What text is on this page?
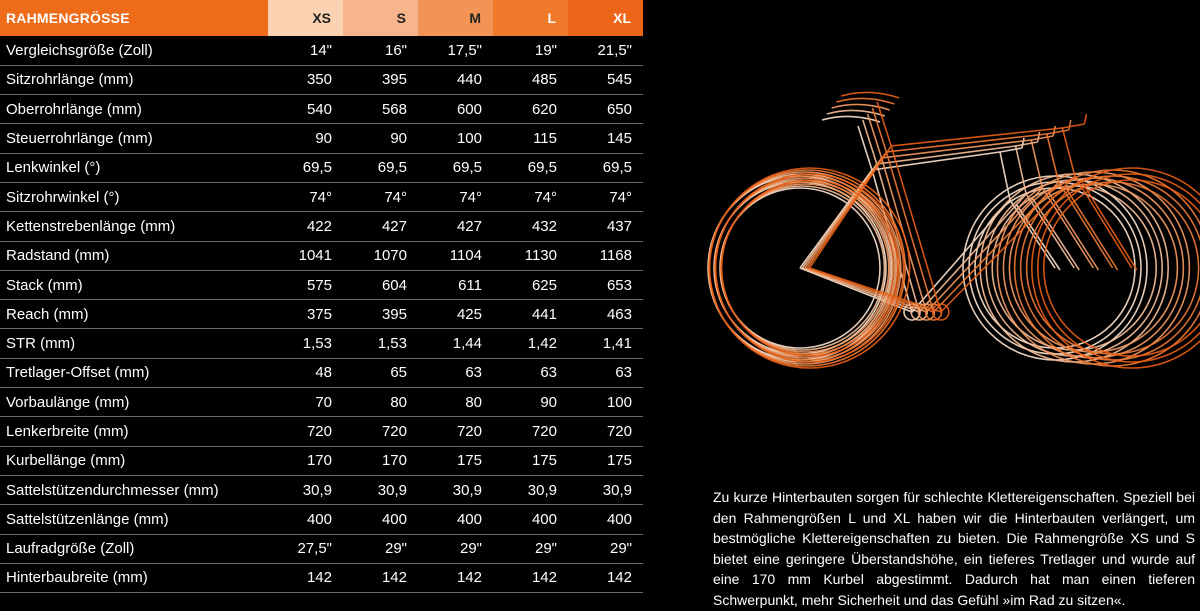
RAHMENGRÖSSE	XS	S	M	L	XL
Vergleichsgröße (Zoll)	14"	16"	17,5"	19"	21,5"
Sitzrohrlänge (mm)	350	395	440	485	545
Oberrohrlänge (mm)	540	568	600	620	650
Steuerrohrlänge (mm)	90	90	100	115	145
Lenkwinkel (°)	69,5	69,5	69,5	69,5	69,5
Sitzrohrwinkel (°)	74°	74°	74°	74°	74°
Kettenstrebenlänge (mm)	422	427	427	432	437
Radstand (mm)	1041	1070	1104	1130	1168
Stack (mm)	575	604	611	625	653
Reach (mm)	375	395	425	441	463
STR (mm)	1,53	1,53	1,44	1,42	1,41
Tretlager-Offset (mm)	48	65	63	63	63
Vorbaulänge (mm)	70	80	80	90	100
Lenkerbreite (mm)	720	720	720	720	720
Kurbellänge (mm)	170	170	175	175	175
Sattelstützendurchmesser (mm)	30,9	30,9	30,9	30,9	30,9
Sattelstützenlänge (mm)	400	400	400	400	400
Laufradgröße (Zoll)	27,5"	29"	29"	29"	29"
Hinterbaubreite (mm)	142	142	142	142	142
Zu kurze Hinterbauten sorgen für schlechte Klettereigenschaften. Speziell bei den Rahmengrößen L und XL haben wir die Hinterbauten verlängert, um bestmögliche Klettereigenschaften zu bieten. Die Rahmengröße XS und S bietet eine geringere Überstandshöhe, ein tieferes Tretlager und wurde auf eine 170 mm Kurbel abgestimmt. Dadurch hat man einen tieferen Schwerpunkt, mehr Sicherheit und das Gefühl »im Rad zu sitzen«.
